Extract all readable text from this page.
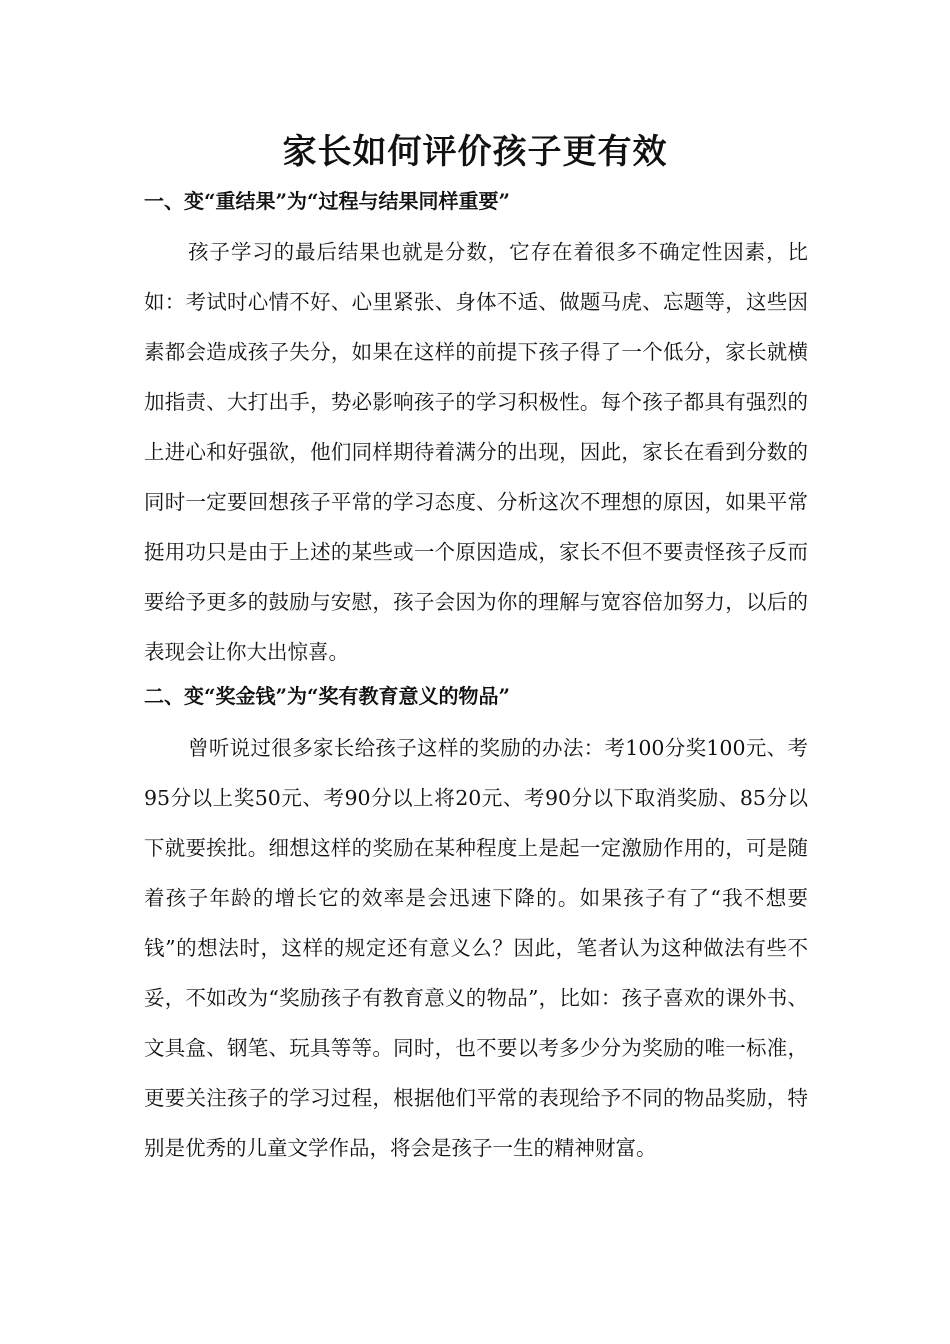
家长如何评价孩子更有效
一、变“重结果”为“过程与结果同样重要”

孩子学习的最后结果也就是分数，它存在着很多不确定性因素，比如：考试时心情不好、心里紧张、身体不适、做题马虎、忘题等，这些因素都会造成孩子失分，如果在这样的前提下孩子得了一个低分，家长就横加指责、大打出手，势必影响孩子的学习积极性。每个孩子都具有强烈的上进心和好强欲，他们同样期待着满分的出现，因此，家长在看到分数的同时一定要回想孩子平常的学习态度、分析这次不理想的原因，如果平常挺用功只是由于上述的某些或一个原因造成，家长不但不要责怪孩子反而要给予更多的鼓励与安慰，孩子会因为你的理解与宽容倍加努力，以后的表现会让你大出惊喜。

二、变“奖金钱”为“奖有教育意义的物品”

曾听说过很多家长给孩子这样的奖励的办法：考100分奖100元、考95分以上奖50元、考90分以上将20元、考90分以下取消奖励、85分以下就要挨批。细想这样的奖励在某种程度上是起一定激励作用的，可是随着孩子年龄的增长它的效率是会迅速下降的。如果孩子有了“我不想要钱”的想法时，这样的规定还有意义么？因此，笔者认为这种做法有些不妥，不如改为“奖励孩子有教育意义的物品”，比如：孩子喜欢的课外书、文具盒、钢笔、玩具等等。同时，也不要以考多少分为奖励的唯一标准，更要关注孩子的学习过程，根据他们平常的表现给予不同的物品奖励，特别是优秀的儿童文学作品，将会是孩子一生的精神财富。
